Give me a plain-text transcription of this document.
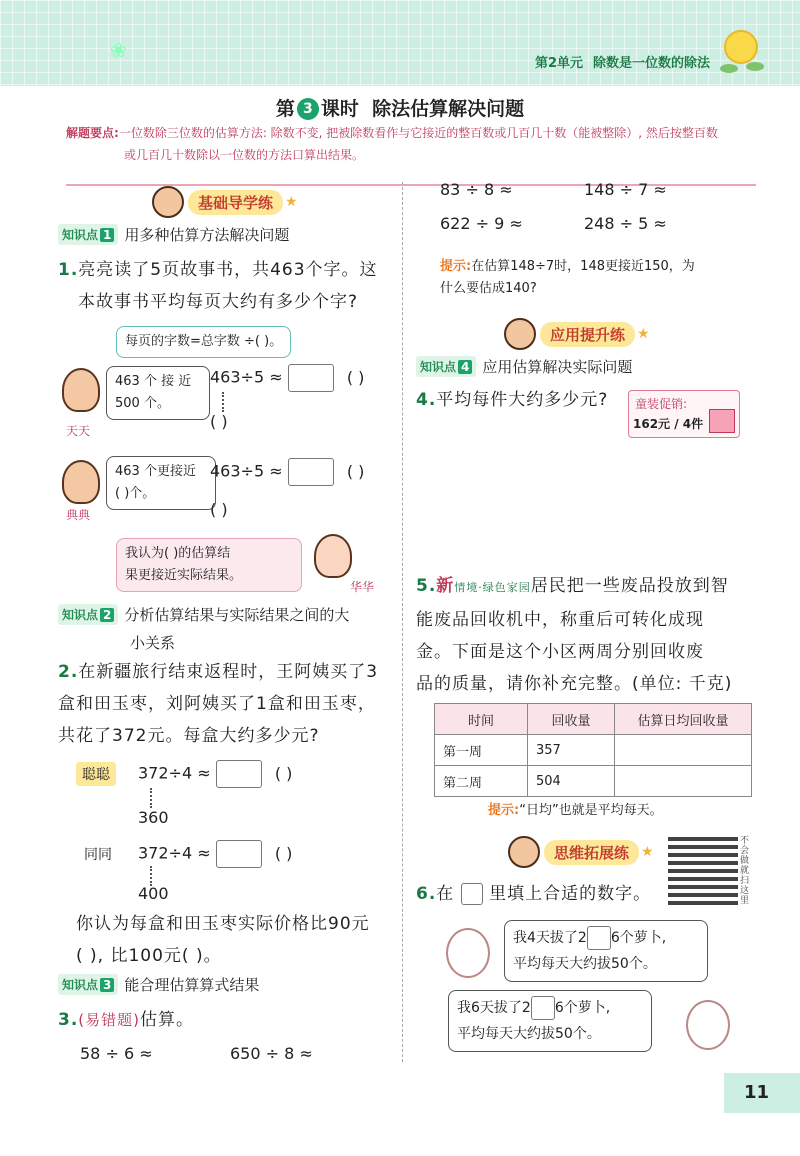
❀
第2单元 除数是一位数的除法
第 3 课时 除法估算解决问题
解题要点:一位数除三位数的估算方法: 除数不变, 把被除数看作与它接近的整百数或几百几十数（能被整除）, 然后按整百数
或几百几十数除以一位数的方法口算出结果。
基础导学练 ★
知识点 1 用多种估算方法解决问题
1.亮亮读了5页故事书，共463个字。这
本故事书平均每页大约有多少个字?
每页的字数=总字数 ÷( )。
天天
463 个 接 近
500 个。
463÷5 ≈	( )
( )
典典
463 个更接近
( )个。
463÷5 ≈	( )
( )
我认为( )的估算结
果更接近实际结果。
华华
知识点 2 分析估算结果与实际结果之间的大
小关系
2.在新疆旅行结束返程时，王阿姨买了3
盒和田玉枣，刘阿姨买了1盒和田玉枣，
共花了372元。每盒大约多少元?
聪聪	372÷4 ≈	( )
360
同同 372÷4 ≈	( )
400
你认为每盒和田玉枣实际价格比90元
( ), 比100元( )。
知识点 3 能合理估算算式结果
3.(易错题)估算。
58 ÷ 6 ≈	650 ÷ 8 ≈
83 ÷ 8 ≈	148 ÷ 7 ≈
622 ÷ 9 ≈	248 ÷ 5 ≈
提示:在估算148÷7时，148更接近150，为
什么要估成140?
应用提升练 ★
知识点 4 应用估算解决实际问题
4.平均每件大约多少元? 童装促销:
162元 / 4件
5.新情境·绿色家园居民把一些废品投放到智
能废品回收机中，称重后可转化成现
金。下面是这个小区两周分别回收废
品的质量，请你补充完整。(单位: 千克)
时间	回收量	估算日均回收量
第一周	357	
第二周	504	
提示:“日均”也就是平均每天。
思维拓展练 ★
不会做就扫这里
6.在 里填上合适的数字。
我4天拔了2 6个萝卜,
平均每天大约拔50个。
我6天拔了2 6个萝卜,
平均每天大约拔50个。
11
